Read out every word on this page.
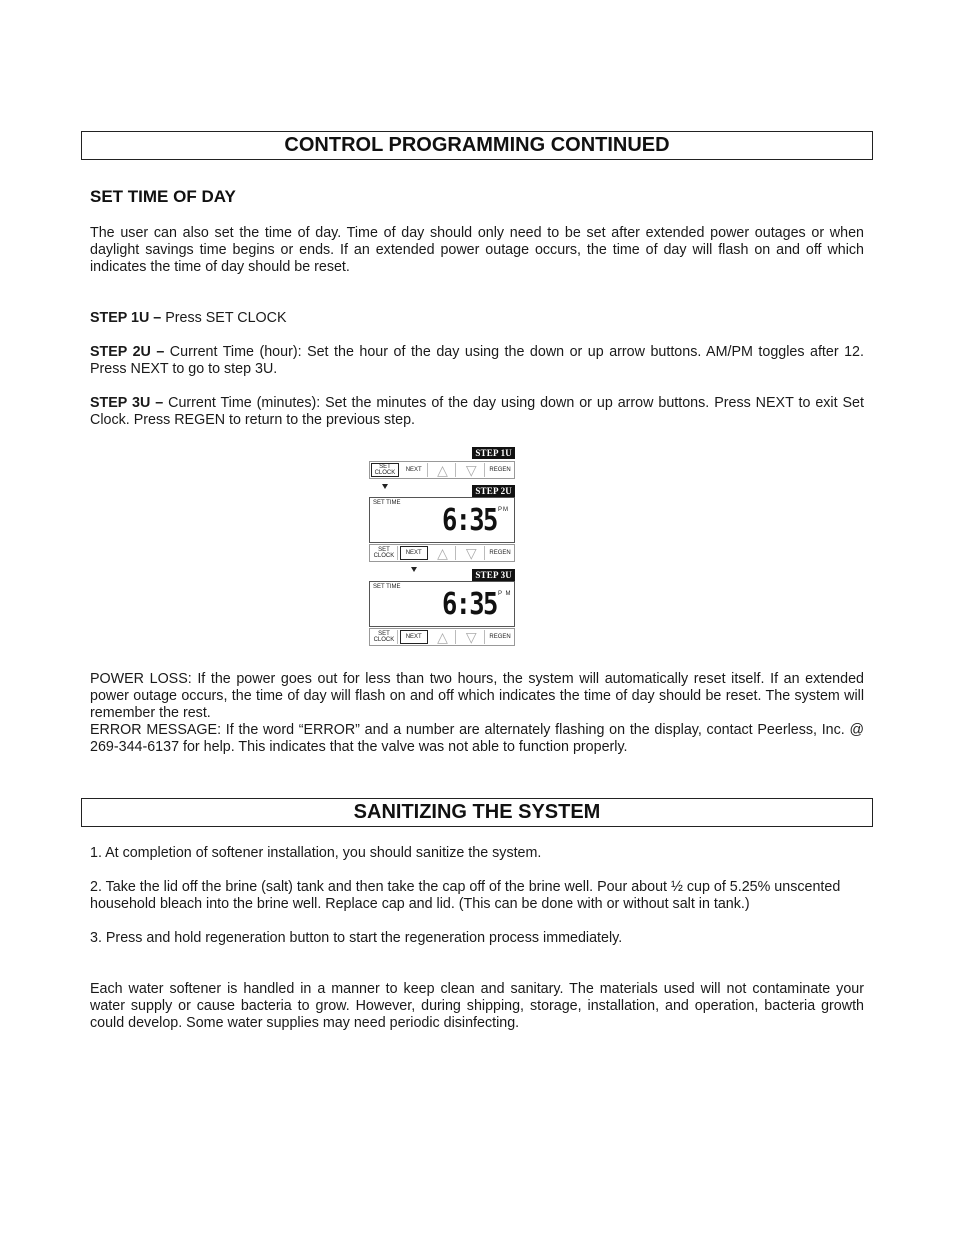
CONTROL PROGRAMMING CONTINUED
SET TIME OF DAY

The user can also set the time of day. Time of day should only need to be set after extended power outages or when daylight savings time begins or ends. If an extended power outage occurs, the time of day will flash on and off which indicates the time of day should be reset.

STEP 1U – Press SET CLOCK

STEP 2U – Current Time (hour): Set the hour of the day using the down or up arrow buttons. AM/PM toggles after 12. Press NEXT to go to step 3U.

STEP 3U – Current Time (minutes): Set the minutes of the day using down or up arrow buttons. Press NEXT to exit Set Clock. Press REGEN to return to the previous step.

STEP 1U
SET CLOCK	NEXT	△ ▽	REGEN
STEP 2U
SET TIME 6:35 PM
SET CLOCK	NEXT	△ ▽	REGEN
STEP 3U
SET TIME 6:35 P M
SET CLOCK	NEXT	△ ▽	REGEN

POWER LOSS: If the power goes out for less than two hours, the system will automatically reset itself. If an extended power outage occurs, the time of day will flash on and off which indicates the time of day should be reset. The system will remember the rest.

ERROR MESSAGE: If the word “ERROR” and a number are alternately flashing on the display, contact Peerless, Inc. @ 269-344-6137 for help. This indicates that the valve was not able to function properly.

SANITIZING THE SYSTEM

1. At completion of softener installation, you should sanitize the system.

2. Take the lid off the brine (salt) tank and then take the cap off of the brine well. Pour about ½ cup of 5.25% unscented household bleach into the brine well. Replace cap and lid. (This can be done with or without salt in tank.)

3. Press and hold regeneration button to start the regeneration process immediately.

Each water softener is handled in a manner to keep clean and sanitary. The materials used will not contaminate your water supply or cause bacteria to grow. However, during shipping, storage, installation, and operation, bacteria growth could develop. Some water supplies may need periodic disinfecting.
